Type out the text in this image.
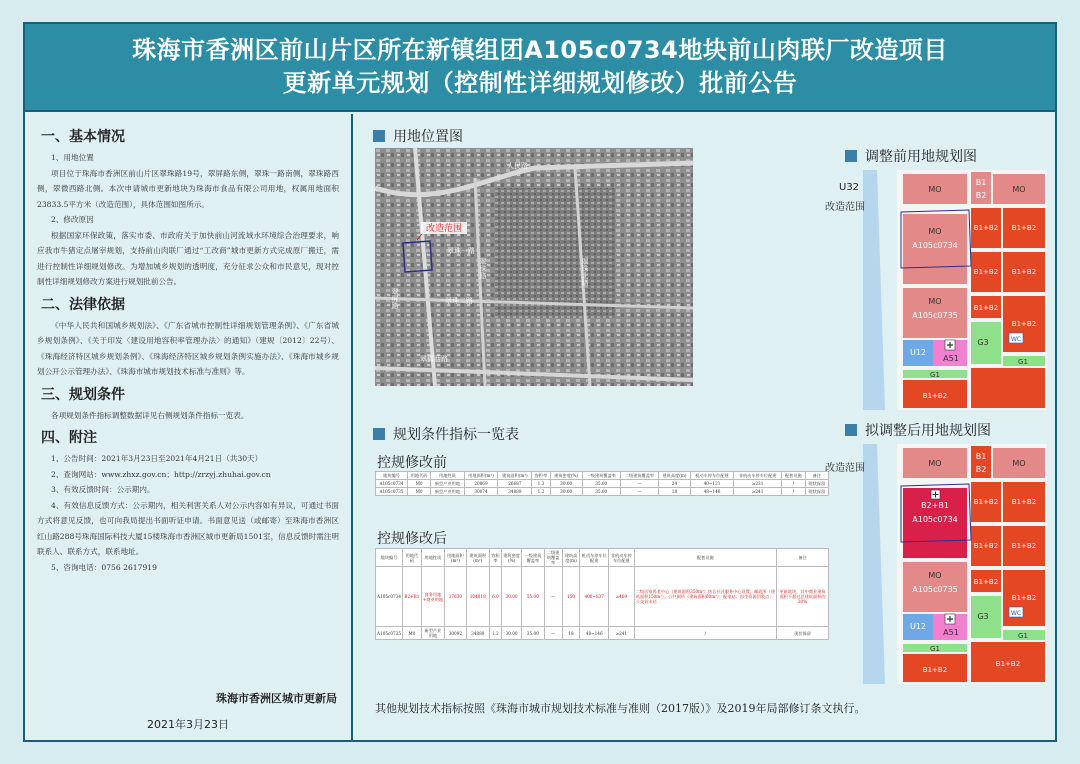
珠海市香洲区前山片区所在新镇组团A105c0734地块前山肉联厂改造项目
更新单元规划（控制性详细规划修改）批前公告
一、基本情况
1、用地位置
项目位于珠海市香洲区前山片区翠珠路19号，翠屏路东侧，翠珠一路南侧，翠珠路西侧，翠微西路北侧。本次申请城市更新地块为珠海市食品有限公司用地，权属用地面积23833.5平方米（改造范围），具体范围如图所示。
2、修改原因
根据国家环保政策，落实市委、市政府关于加快前山河流域水环境综合治理要求，响应我市牛猪定点屠宰规划，支持前山肉联厂通过“工改商”城市更新方式完成原厂搬迁，需进行控制性详细规划修改。为增加城乡规划的透明度，充分征求公众和市民意见，现对控制性详细规划修改方案进行规划批前公告。
二、法律依据
《中华人民共和国城乡规划法》、《广东省城市控制性详细规划管理条例》、《广东省城乡规划条例》、《关于印发〈建设用地容积率管理办法〉的通知》（建规〔2012〕22号）、《珠海经济特区城乡规划条例》、《珠海经济特区城乡规划条例实施办法》、《珠海市城乡规划公开公示管理办法》、《珠海市城市规划技术标准与准则》等。
三、规划条件
各项规划条件指标调整数据详见右侧规划条件指标一览表。
四、附注
1、公告时间：2021年3月23日至2021年4月21日（共30天）
2、查询网站：www.zhxz.gov.cn；http://zrzyj.zhuhai.gov.cn
3、有效反馈时间：公示期内。
4、有效信息反馈方式：公示期内，相关利害关系人对公示内容如有异议，可通过书面方式将意见反馈，也可向我局提出书面听证申请。书面意见送（或邮寄）至珠海市香洲区红山路288号珠海国际科技大厦15楼珠海市香洲区城市更新局1501室，信息反馈时需注明联系人、联系方式，联系地址。
5、咨询电话：0756 2617919
珠海市香洲区城市更新局
2021年3月23日
用地位置图
改造范围
翠珠一路
翠珠二路
翠微西路
人民路
翠屏路
翠珠路	翠珠北路
规划条件指标一览表
控规修改前
地块编号	用地代码	用地性质	用地面积(m²)	建筑面积(m²)	容积率	建筑密度(%)	一级建筑覆盖率	二级建筑覆盖率	建筑高度(m)	机动车停车位配建	非机动车停车位配建	配套设施	备注
A105c0734	M0	新型产业用地	20869	26687	1.3	30.00	35.00	—	24	40~121	≥231	/	现状保留
A105c0735	M0	新型产业用地	30074	34889	1.2	30.00	35.00	—	18	48~146	≥241	/	现状保留
控规修改后
地块编号	用地代码	用地性质	用地面积(m²)	建筑面积(m²)	容积率	建筑密度(%)	一级建筑覆盖率	二级建筑覆盖率	建筑高度(m)	机动车停车位配建	非机动车停车位配建	配套设施	备注
A105c0734	B2+B1	商务用地+商业用地	17630	104818	6.0	30.00	55.00	—	150	400~837	≥469	二级居家养老中心（建筑面积350m²）结合社区服务中心设置；邮政所（建筑面积150m²）；公共厕所（建筑面积60m²）；配电站；再生资源回收点；公交首末站	更新地块，其中商业建筑面积不超过总建筑面积的30%
A105c0735	M0	新型产业用地	30092	34889	1.2	30.00	35.00	—	18	48~146	≥241	/	现状保留
其他规划技术指标按照《珠海市城市规划技术标准与准则（2017版）》及2019年局部修订条文执行。
调整前用地规划图
MO
B1
B2
MO
MO
A105c0734
B1+B2 B1+B2
B1+B2 B1+B2
MO
A105c0735
B1+B2
B1+B2
U12
A51
G3
G1
G1
B1+B2
WC
U32
改造范围
拟调整后用地规划图
MO
B1
B2
MO
B2+B1
A105c0734
B1+B2 B1+B2
B1+B2 B1+B2
MO
A105c0735
B1+B2
B1+B2
U12
A51
G3
G1
G1
B1+B2
B1+B2
WC
改造范围
